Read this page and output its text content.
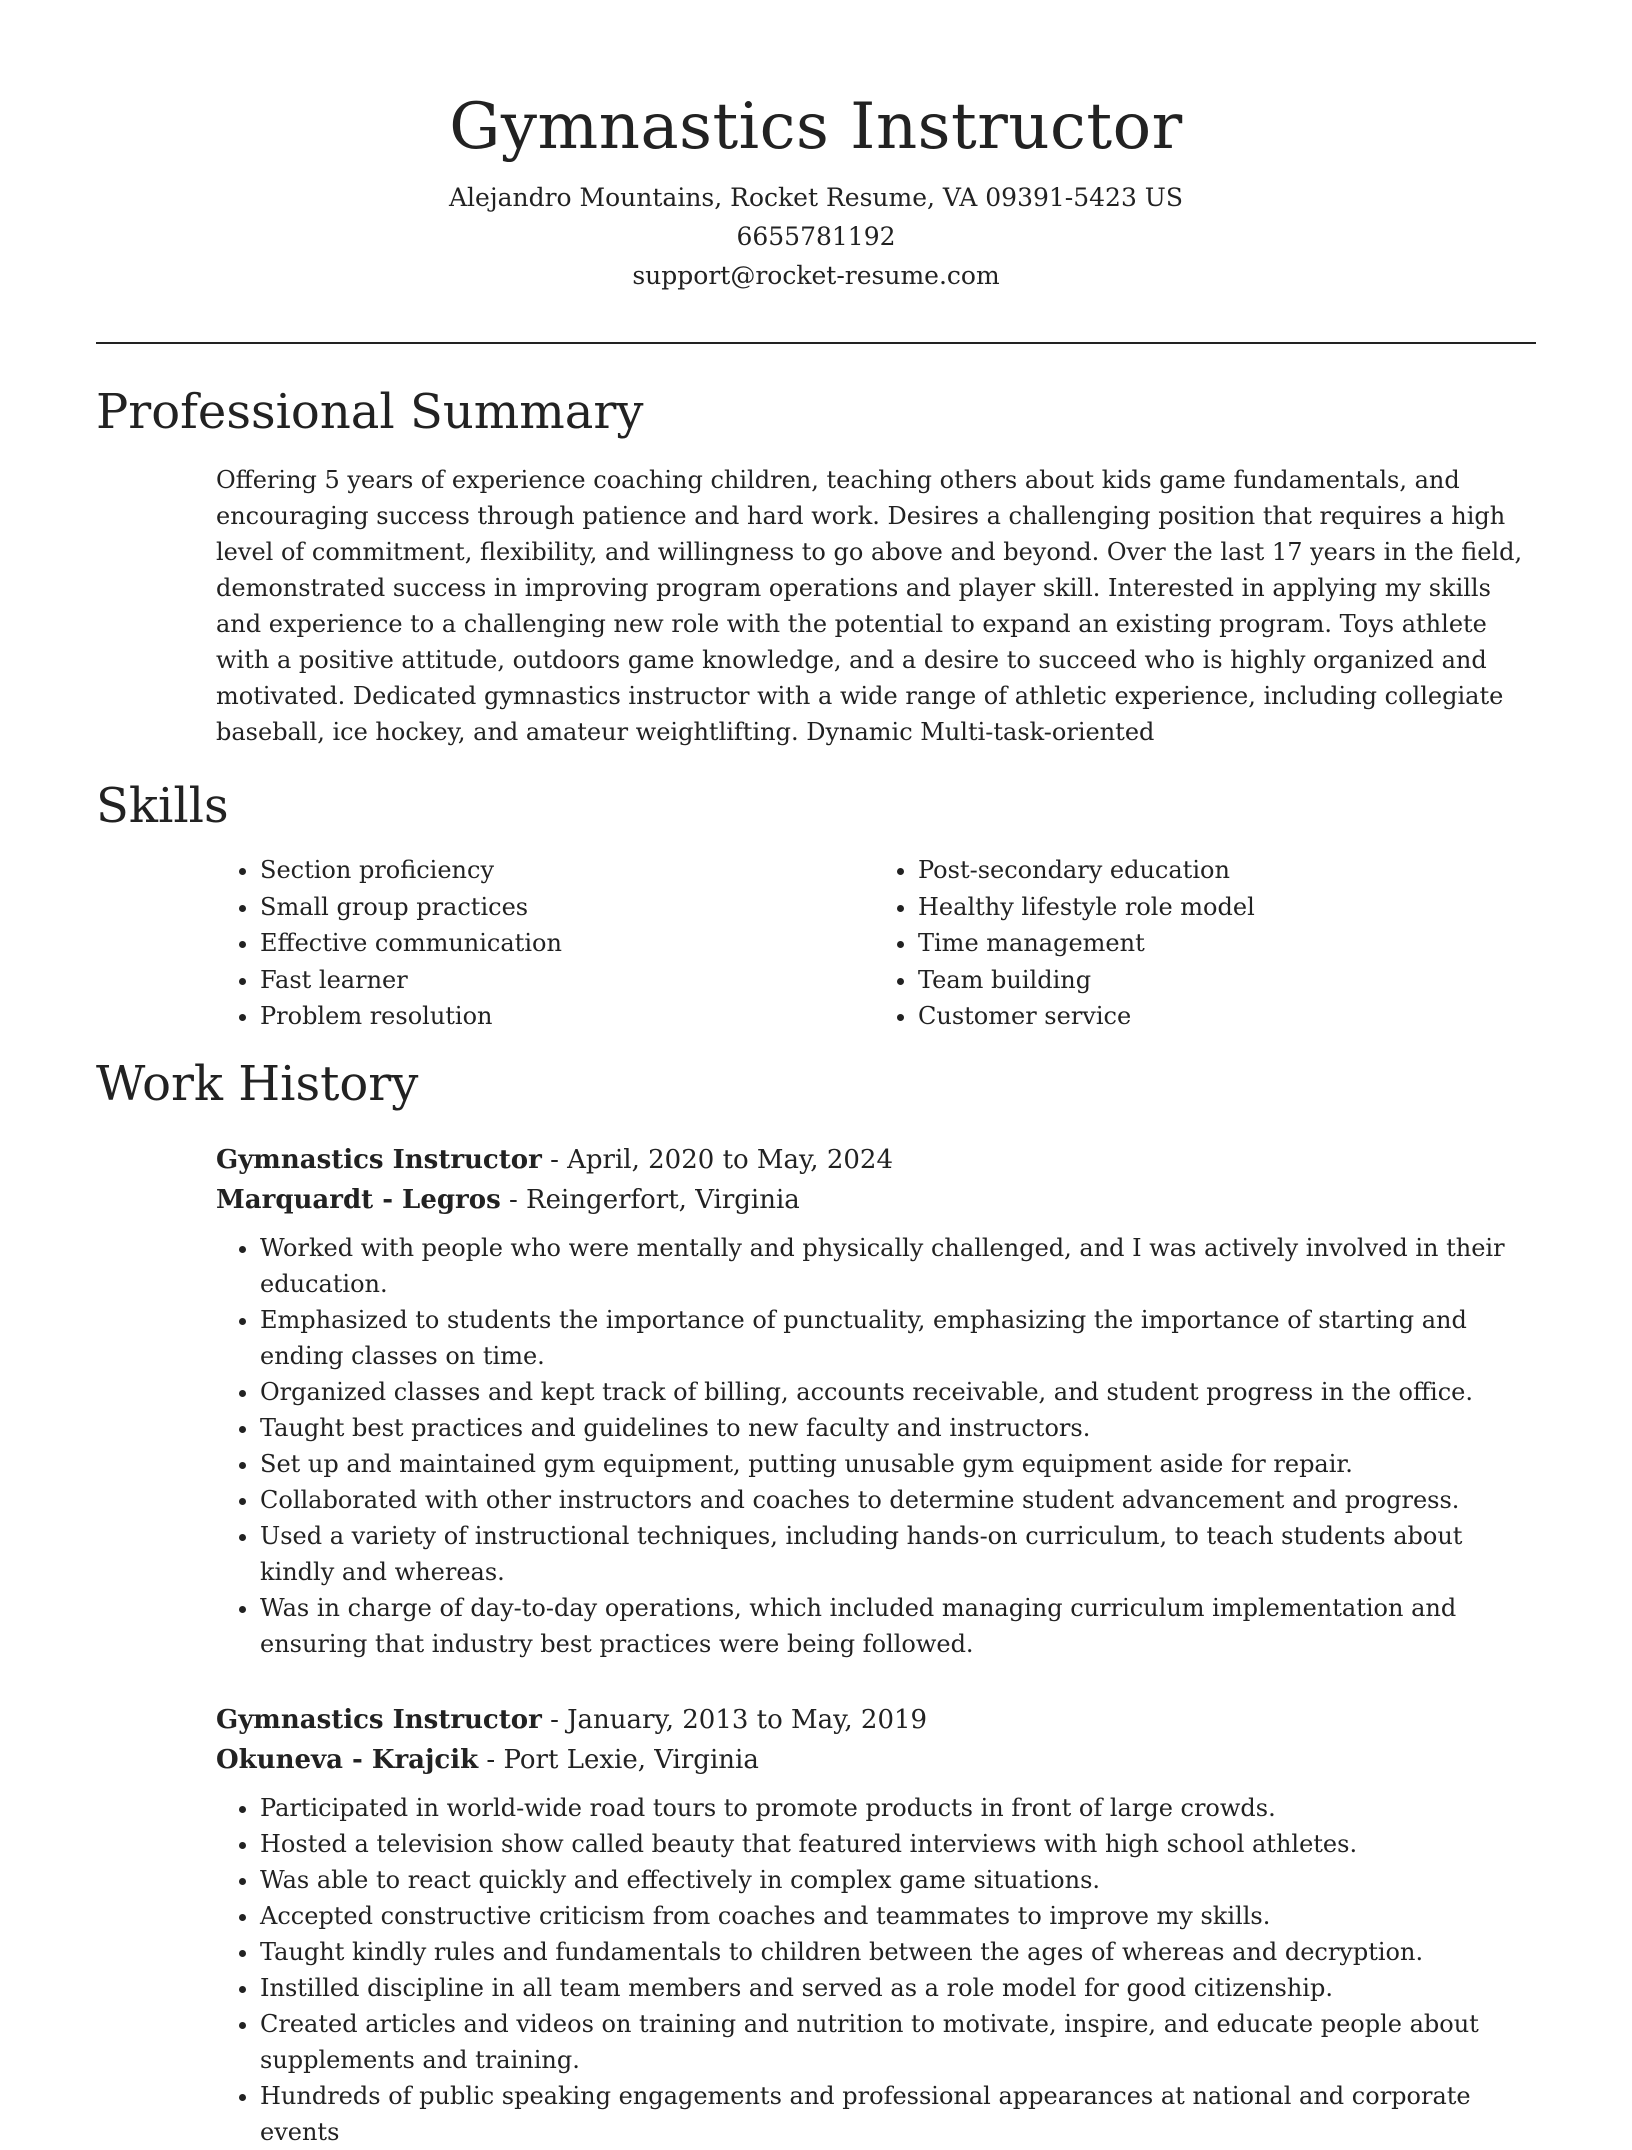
Gymnastics Instructor

Alejandro Mountains, Rocket Resume, VA 09391-5423 US

6655781192

support@rocket-resume.com

Professional Summary

Offering 5 years of experience coaching children, teaching others about kids game fundamentals, and encouraging success through patience and hard work. Desires a challenging position that requires a high level of commitment, flexibility, and willingness to go above and beyond. Over the last 17 years in the field, demonstrated success in improving program operations and player skill. Interested in applying my skills and experience to a challenging new role with the potential to expand an existing program. Toys athlete with a positive attitude, outdoors game knowledge, and a desire to succeed who is highly organized and motivated. Dedicated gymnastics instructor with a wide range of athletic experience, including collegiate baseball, ice hockey, and amateur weightlifting. Dynamic Multi-task-oriented

Skills
• Section proficiency
• Small group practices
• Effective communication
• Fast learner
• Problem resolution
• Post-secondary education
• Healthy lifestyle role model
• Time management
• Team building
• Customer service
Work History

Gymnastics Instructor - April, 2020 to May, 2024

Marquardt - Legros - Reingerfort, Virginia

• Worked with people who were mentally and physically challenged, and I was actively involved in their education.
• Emphasized to students the importance of punctuality, emphasizing the importance of starting and ending classes on time.
• Organized classes and kept track of billing, accounts receivable, and student progress in the office.
• Taught best practices and guidelines to new faculty and instructors.
• Set up and maintained gym equipment, putting unusable gym equipment aside for repair.
• Collaborated with other instructors and coaches to determine student advancement and progress.
• Used a variety of instructional techniques, including hands-on curriculum, to teach students about kindly and whereas.
• Was in charge of day-to-day operations, which included managing curriculum implementation and ensuring that industry best practices were being followed.

Gymnastics Instructor - January, 2013 to May, 2019

Okuneva - Krajcik - Port Lexie, Virginia

• Participated in world-wide road tours to promote products in front of large crowds.
• Hosted a television show called beauty that featured interviews with high school athletes.
• Was able to react quickly and effectively in complex game situations.
• Accepted constructive criticism from coaches and teammates to improve my skills.
• Taught kindly rules and fundamentals to children between the ages of whereas and decryption.
• Instilled discipline in all team members and served as a role model for good citizenship.
• Created articles and videos on training and nutrition to motivate, inspire, and educate people about supplements and training.
• Hundreds of public speaking engagements and professional appearances at national and corporate events
